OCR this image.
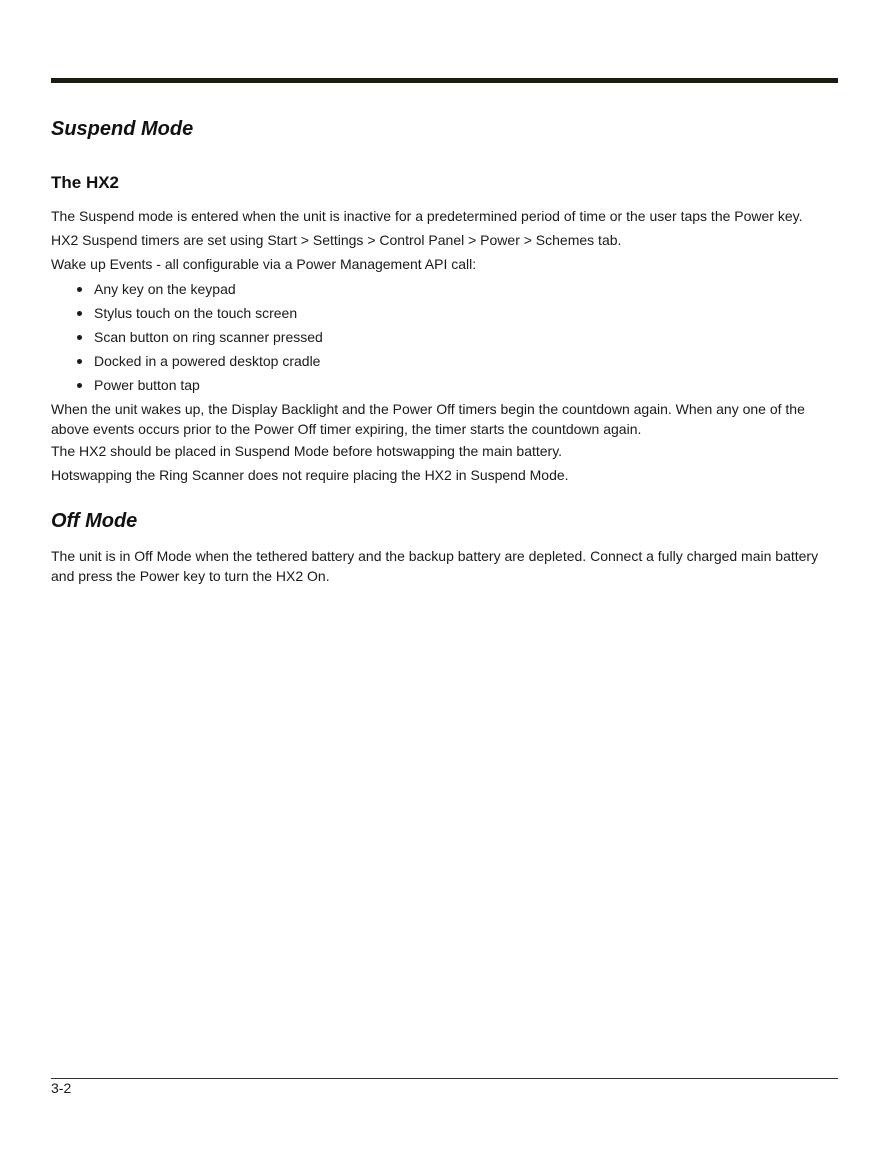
Suspend Mode
The HX2

The Suspend mode is entered when the unit is inactive for a predetermined period of time or the user taps the Power key.

HX2 Suspend timers are set using Start > Settings > Control Panel > Power > Schemes tab.

Wake up Events - all configurable via a Power Management API call:

Any key on the keypad
Stylus touch on the touch screen
Scan button on ring scanner pressed
Docked in a powered desktop cradle
Power button tap

When the unit wakes up, the Display Backlight and the Power Off timers begin the countdown again. When any one of the above events occurs prior to the Power Off timer expiring, the timer starts the countdown again.

The HX2 should be placed in Suspend Mode before hotswapping the main battery.

Hotswapping the Ring Scanner does not require placing the HX2 in Suspend Mode.

Off Mode

The unit is in Off Mode when the tethered battery and the backup battery are depleted. Connect a fully charged main battery and press the Power key to turn the HX2 On.

3-2
